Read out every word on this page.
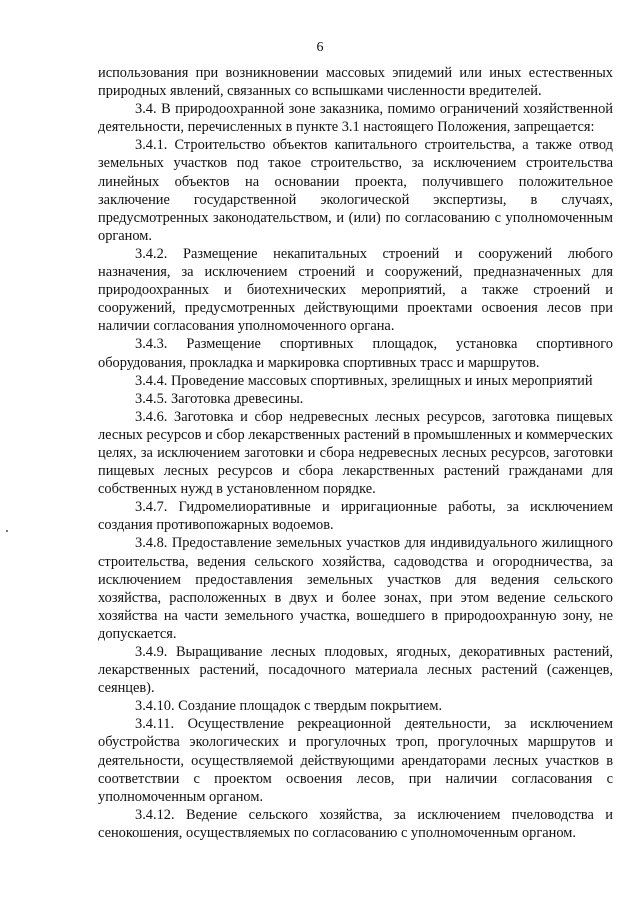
6

использования при возникновении массовых эпидемий или иных естественных природных явлений, связанных со вспышками численности вредителей.

3.4. В природоохранной зоне заказника, помимо ограничений хозяйственной деятельности, перечисленных в пункте 3.1 настоящего Положения, запрещается:

3.4.1. Строительство объектов капитального строительства, а также отвод земельных участков под такое строительство, за исключением строительства линейных объектов на основании проекта, получившего положительное заключение государственной экологической экспертизы, в случаях, предусмотренных законодательством, и (или) по согласованию с уполномоченным органом.

3.4.2. Размещение некапитальных строений и сооружений любого назначения, за исключением строений и сооружений, предназначенных для природоохранных и биотехнических мероприятий, а также строений и сооружений, предусмотренных действующими проектами освоения лесов при наличии согласования уполномоченного органа.

3.4.3. Размещение спортивных площадок, установка спортивного оборудования, прокладка и маркировка спортивных трасс и маршрутов.

3.4.4. Проведение массовых спортивных, зрелищных и иных мероприятий

3.4.5. Заготовка древесины.

3.4.6. Заготовка и сбор недревесных лесных ресурсов, заготовка пищевых лесных ресурсов и сбор лекарственных растений в промышленных и коммерческих целях, за исключением заготовки и сбора недревесных лесных ресурсов, заготовки пищевых лесных ресурсов и сбора лекарственных растений гражданами для собственных нужд в установленном порядке.

3.4.7. Гидромелиоративные и ирригационные работы, за исключением создания противопожарных водоемов.

3.4.8. Предоставление земельных участков для индивидуального жилищного строительства, ведения сельского хозяйства, садоводства и огородничества, за исключением предоставления земельных участков для ведения сельского хозяйства, расположенных в двух и более зонах, при этом ведение сельского хозяйства на части земельного участка, вошедшего в природоохранную зону, не допускается.

3.4.9. Выращивание лесных плодовых, ягодных, декоративных растений, лекарственных растений, посадочного материала лесных растений (саженцев, сеянцев).

3.4.10. Создание площадок с твердым покрытием.

3.4.11. Осуществление рекреационной деятельности, за исключением обустройства экологических и прогулочных троп, прогулочных маршрутов и деятельности, осуществляемой действующими арендаторами лесных участков в соответствии с проектом освоения лесов, при наличии согласования с уполномоченным органом.

3.4.12. Ведение сельского хозяйства, за исключением пчеловодства и сенокошения, осуществляемых по согласованию с уполномоченным органом.
